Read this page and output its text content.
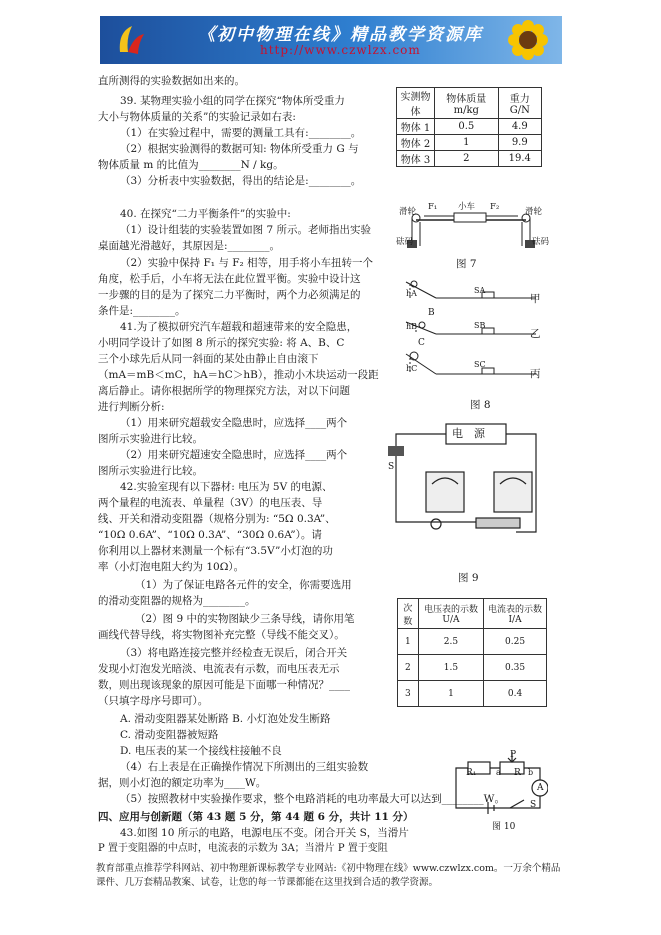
《初中物理在线》精品教学资源库
http://www.czwlzx.com
直所测得的实验数据如出来的。
39. 某物理实验小组的同学在探究“物体所受重力
大小与物体质量的关系”的实验记录如右表:
（1）在实验过程中，需要的测量工具有:________。
（2）根据实验测得的数据可知: 物体所受重力 G 与
物体质量 m 的比值为________N / kg。
（3）分析表中实验数据，得出的结论是:________。
实测物体	物体质量 m/kg	重力 G/N
物体 1	0.5	4.9
物体 2	1	9.9
物体 3	2	19.4
40. 在探究“二力平衡条件”的实验中:
（1）设计组装的实验装置如图 7 所示。老师指出实验
桌面越光滑越好，其原因是:________。
（2）实验中保持 F₁ 与 F₂ 相等，用手将小车扭转一个
角度，松手后，小车将无法在此位置平衡。实验中设计这
一步骤的目的是为了探究二力平衡时，两个力必须满足的
条件是:________。
滑轮	滑轮
F₁ 小车 F₂
砝码	砝码
图 7
hA
B
hB
C
hC
SA
SB
SC
甲
乙
丙
图 8
41.为了模拟研究汽车超载和超速带来的安全隐患，
小明同学设计了如图 8 所示的探究实验: 将 A、B、C
三个小球先后从同一斜面的某处由静止自由滚下
（mA＝mB＜mC，hA＝hC＞hB），推动小木块运动一段距
离后静止。请你根据所学的物理探究方法，对以下问题
进行判断分析:
（1）用来研究超载安全隐患时，应选择____两个
图所示实验进行比较。
（2）用来研究超速安全隐患时，应选择____两个
图所示实验进行比较。
电　源
S
图 9
42.实验室现有以下器材: 电压为 5V 的电源、
两个量程的电流表、单量程（3V）的电压表、导
线、开关和滑动变阻器（规格分别为: “5Ω 0.3A”、
“10Ω 0.6A”、“10Ω 0.3A”、“30Ω 0.6A”）。请
你利用以上器材来测量一个标有“3.5V”小灯泡的功
率（小灯泡电阻大约为 10Ω）。
（1）为了保证电路各元件的安全，你需要选用
的滑动变阻器的规格为________。
（2）图 9 中的实物图缺少三条导线，请你用笔
画线代替导线，将实物图补充完整（导线不能交叉）。
（3）将电路连接完整并经检查无误后，闭合开关
发现小灯泡发光暗淡、电流表有示数，而电压表无示
数，则出现该现象的原因可能是下面哪一种情况？____
（只填字母序号即可）。
A. 滑动变阻器某处断路 B. 小灯泡处发生断路
C. 滑动变阻器被短路
D. 电压表的某一个接线柱接触不良
（4）右上表是在正确操作情况下所测出的三组实验数
据，则小灯泡的额定功率为____W。
次数	电压表的示数 U/A	电流表的示数 I/A
1	2.5	0.25
2	1.5	0.35
3	1	0.4
（5）按照教材中实验操作要求，整个电路消耗的电功率最大可以达到________W。
四、应用与创新题（第 43 题 5 分，第 44 题 6 分，共计 11 分）
43.如图 10 所示的电路，电源电压不变。闭合开关 S，当滑片
P 置于变阻器的中点时，电流表的示数为 3A；当滑片 P 置于变阻
R₁
P
a R b
A
S
图 10
教育部重点推荐学科网站、初中物理新课标教学专业网站:《初中物理在线》www.czwlzx.com。一万余个精品课件、几万套精品教案、试卷，让您的每一节课都能在这里找到合适的教学资源。
